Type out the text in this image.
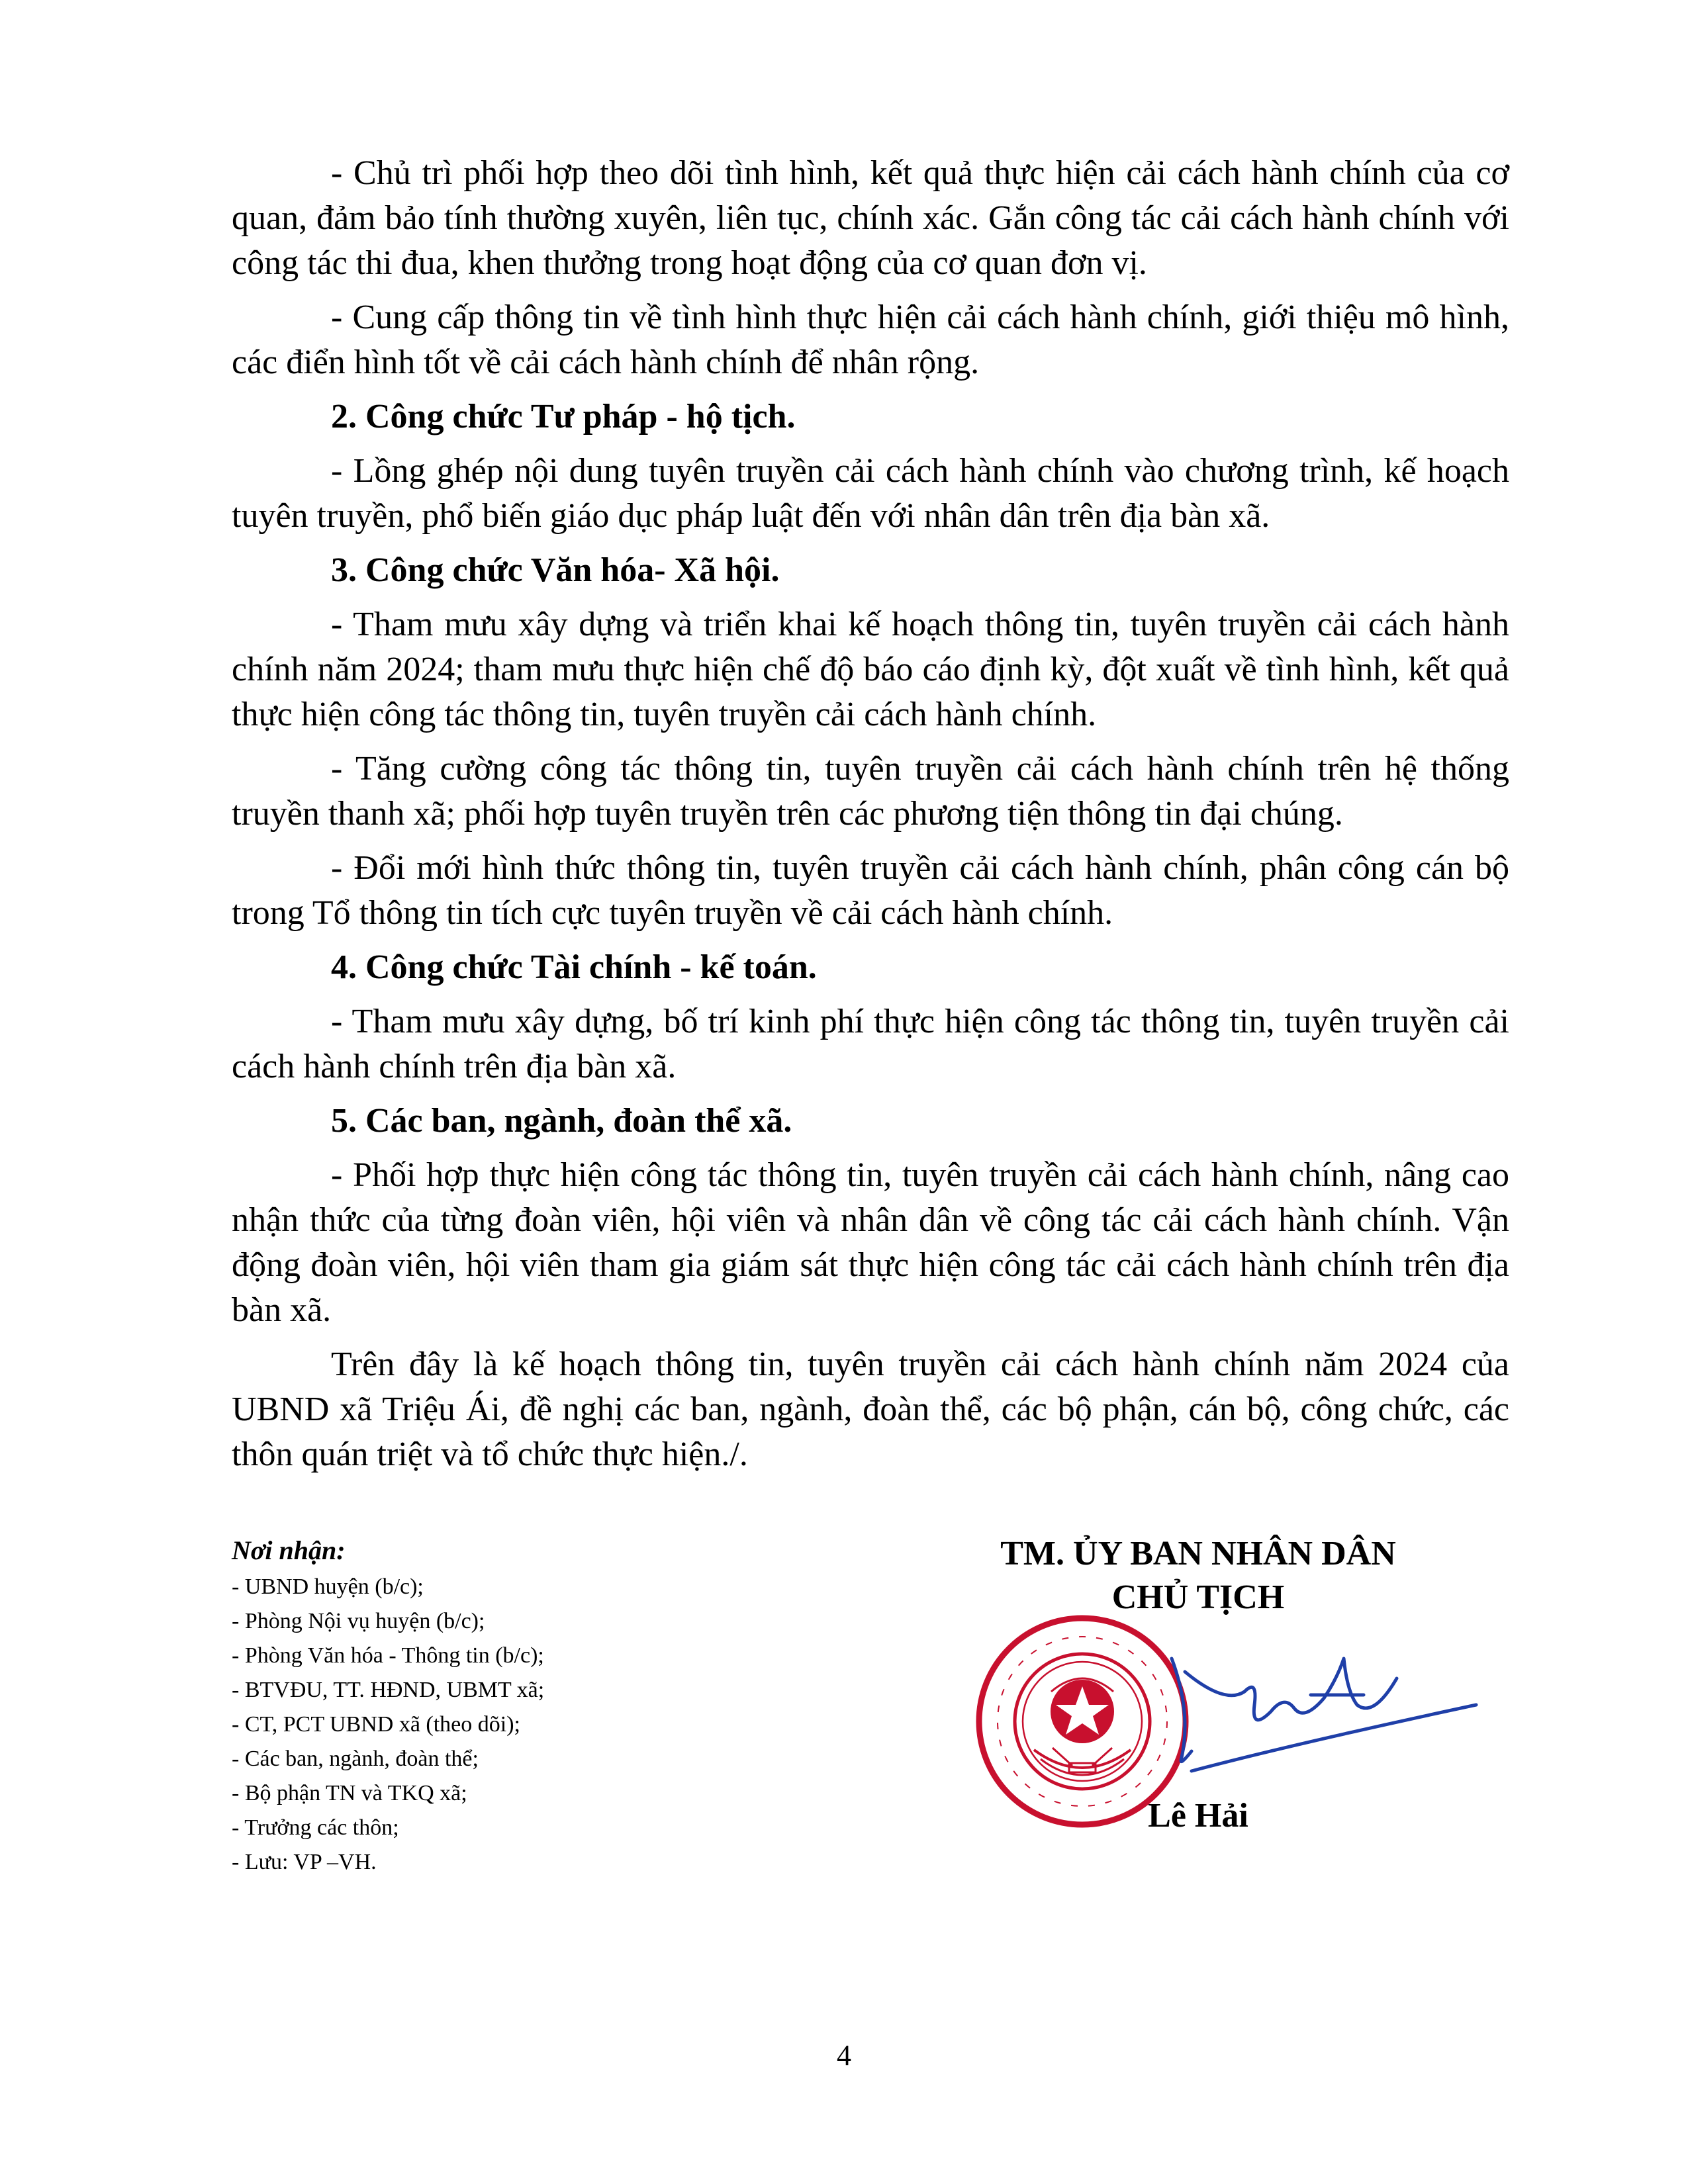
- Chủ trì phối hợp theo dõi tình hình, kết quả thực hiện cải cách hành chính của cơ quan, đảm bảo tính thường xuyên, liên tục, chính xác. Gắn công tác cải cách hành chính với công tác thi đua, khen thưởng trong hoạt động của cơ quan đơn vị.

- Cung cấp thông tin về tình hình thực hiện cải cách hành chính, giới thiệu mô hình, các điển hình tốt về cải cách hành chính để nhân rộng.

2. Công chức Tư pháp - hộ tịch.

- Lồng ghép nội dung tuyên truyền cải cách hành chính vào chương trình, kế hoạch tuyên truyền, phổ biến giáo dục pháp luật đến với nhân dân trên địa bàn xã.

3. Công chức Văn hóa- Xã hội.

- Tham mưu xây dựng và triển khai kế hoạch thông tin, tuyên truyền cải cách hành chính năm 2024; tham mưu thực hiện chế độ báo cáo định kỳ, đột xuất về tình hình, kết quả thực hiện công tác thông tin, tuyên truyền cải cách hành chính.

- Tăng cường công tác thông tin, tuyên truyền cải cách hành chính trên hệ thống truyền thanh xã; phối hợp tuyên truyền trên các phương tiện thông tin đại chúng.

- Đổi mới hình thức thông tin, tuyên truyền cải cách hành chính, phân công cán bộ trong Tổ thông tin tích cực tuyên truyền về cải cách hành chính.

4. Công chức Tài chính - kế toán.

- Tham mưu xây dựng, bố trí kinh phí thực hiện công tác thông tin, tuyên truyền cải cách hành chính trên địa bàn xã.

5. Các ban, ngành, đoàn thể xã.

- Phối hợp thực hiện công tác thông tin, tuyên truyền cải cách hành chính, nâng cao nhận thức của từng đoàn viên, hội viên và nhân dân về công tác cải cách hành chính. Vận động đoàn viên, hội viên tham gia giám sát thực hiện công tác cải cách hành chính trên địa bàn xã.

Trên đây là kế hoạch thông tin, tuyên truyền cải cách hành chính năm 2024 của UBND xã Triệu Ái, đề nghị các ban, ngành, đoàn thể, các bộ phận, cán bộ, công chức, các thôn quán triệt và tổ chức thực hiện./.

Nơi nhận:

- UBND huyện (b/c);

- Phòng Nội vụ huyện (b/c);

- Phòng Văn hóa - Thông tin (b/c);

- BTVĐU, TT. HĐND, UBMT xã;

- CT, PCT UBND xã (theo dõi);

- Các ban, ngành, đoàn thể;

- Bộ phận TN và TKQ xã;

- Trưởng các thôn;

- Lưu: VP –VH.

TM. ỦY BAN NHÂN DÂN
CHỦ TỊCH
Lê Hải
4
